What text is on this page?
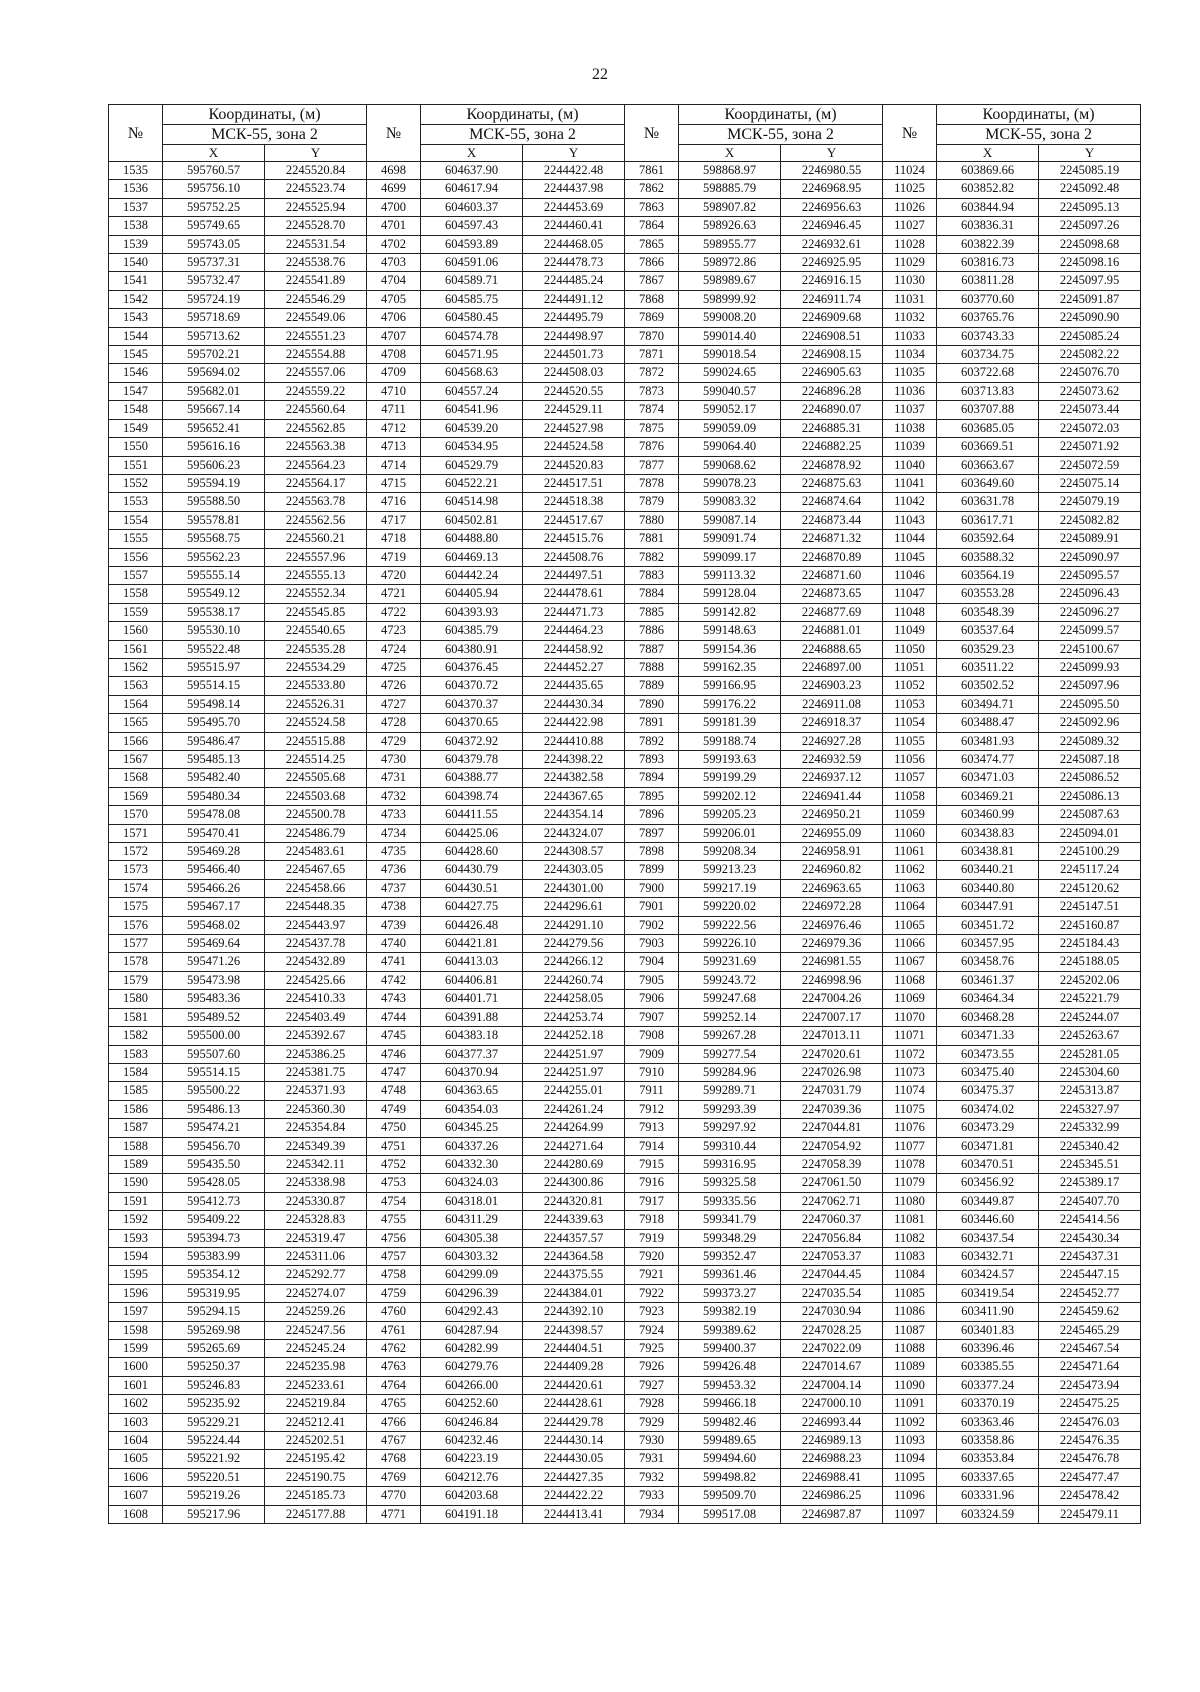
22
№	Координаты, (м)		№	Координаты, (м)		№	Координаты, (м)		№	Координаты, (м)	
	МСК-55, зона 2			МСК-55, зона 2			МСК-55, зона 2			МСК-55, зона 2	
	X	Y		X	Y		X	Y		X	Y
1535	595760.57	2245520.84	4698	604637.90	2244422.48	7861	598868.97	2246980.55	11024	603869.66	2245085.19
1536	595756.10	2245523.74	4699	604617.94	2244437.98	7862	598885.79	2246968.95	11025	603852.82	2245092.48
1537	595752.25	2245525.94	4700	604603.37	2244453.69	7863	598907.82	2246956.63	11026	603844.94	2245095.13
1538	595749.65	2245528.70	4701	604597.43	2244460.41	7864	598926.63	2246946.45	11027	603836.31	2245097.26
1539	595743.05	2245531.54	4702	604593.89	2244468.05	7865	598955.77	2246932.61	11028	603822.39	2245098.68
1540	595737.31	2245538.76	4703	604591.06	2244478.73	7866	598972.86	2246925.95	11029	603816.73	2245098.16
1541	595732.47	2245541.89	4704	604589.71	2244485.24	7867	598989.67	2246916.15	11030	603811.28	2245097.95
1542	595724.19	2245546.29	4705	604585.75	2244491.12	7868	598999.92	2246911.74	11031	603770.60	2245091.87
1543	595718.69	2245549.06	4706	604580.45	2244495.79	7869	599008.20	2246909.68	11032	603765.76	2245090.90
1544	595713.62	2245551.23	4707	604574.78	2244498.97	7870	599014.40	2246908.51	11033	603743.33	2245085.24
1545	595702.21	2245554.88	4708	604571.95	2244501.73	7871	599018.54	2246908.15	11034	603734.75	2245082.22
1546	595694.02	2245557.06	4709	604568.63	2244508.03	7872	599024.65	2246905.63	11035	603722.68	2245076.70
1547	595682.01	2245559.22	4710	604557.24	2244520.55	7873	599040.57	2246896.28	11036	603713.83	2245073.62
1548	595667.14	2245560.64	4711	604541.96	2244529.11	7874	599052.17	2246890.07	11037	603707.88	2245073.44
1549	595652.41	2245562.85	4712	604539.20	2244527.98	7875	599059.09	2246885.31	11038	603685.05	2245072.03
1550	595616.16	2245563.38	4713	604534.95	2244524.58	7876	599064.40	2246882.25	11039	603669.51	2245071.92
1551	595606.23	2245564.23	4714	604529.79	2244520.83	7877	599068.62	2246878.92	11040	603663.67	2245072.59
1552	595594.19	2245564.17	4715	604522.21	2244517.51	7878	599078.23	2246875.63	11041	603649.60	2245075.14
1553	595588.50	2245563.78	4716	604514.98	2244518.38	7879	599083.32	2246874.64	11042	603631.78	2245079.19
1554	595578.81	2245562.56	4717	604502.81	2244517.67	7880	599087.14	2246873.44	11043	603617.71	2245082.82
1555	595568.75	2245560.21	4718	604488.80	2244515.76	7881	599091.74	2246871.32	11044	603592.64	2245089.91
1556	595562.23	2245557.96	4719	604469.13	2244508.76	7882	599099.17	2246870.89	11045	603588.32	2245090.97
1557	595555.14	2245555.13	4720	604442.24	2244497.51	7883	599113.32	2246871.60	11046	603564.19	2245095.57
1558	595549.12	2245552.34	4721	604405.94	2244478.61	7884	599128.04	2246873.65	11047	603553.28	2245096.43
1559	595538.17	2245545.85	4722	604393.93	2244471.73	7885	599142.82	2246877.69	11048	603548.39	2245096.27
1560	595530.10	2245540.65	4723	604385.79	2244464.23	7886	599148.63	2246881.01	11049	603537.64	2245099.57
1561	595522.48	2245535.28	4724	604380.91	2244458.92	7887	599154.36	2246888.65	11050	603529.23	2245100.67
1562	595515.97	2245534.29	4725	604376.45	2244452.27	7888	599162.35	2246897.00	11051	603511.22	2245099.93
1563	595514.15	2245533.80	4726	604370.72	2244435.65	7889	599166.95	2246903.23	11052	603502.52	2245097.96
1564	595498.14	2245526.31	4727	604370.37	2244430.34	7890	599176.22	2246911.08	11053	603494.71	2245095.50
1565	595495.70	2245524.58	4728	604370.65	2244422.98	7891	599181.39	2246918.37	11054	603488.47	2245092.96
1566	595486.47	2245515.88	4729	604372.92	2244410.88	7892	599188.74	2246927.28	11055	603481.93	2245089.32
1567	595485.13	2245514.25	4730	604379.78	2244398.22	7893	599193.63	2246932.59	11056	603474.77	2245087.18
1568	595482.40	2245505.68	4731	604388.77	2244382.58	7894	599199.29	2246937.12	11057	603471.03	2245086.52
1569	595480.34	2245503.68	4732	604398.74	2244367.65	7895	599202.12	2246941.44	11058	603469.21	2245086.13
1570	595478.08	2245500.78	4733	604411.55	2244354.14	7896	599205.23	2246950.21	11059	603460.99	2245087.63
1571	595470.41	2245486.79	4734	604425.06	2244324.07	7897	599206.01	2246955.09	11060	603438.83	2245094.01
1572	595469.28	2245483.61	4735	604428.60	2244308.57	7898	599208.34	2246958.91	11061	603438.81	2245100.29
1573	595466.40	2245467.65	4736	604430.79	2244303.05	7899	599213.23	2246960.82	11062	603440.21	2245117.24
1574	595466.26	2245458.66	4737	604430.51	2244301.00	7900	599217.19	2246963.65	11063	603440.80	2245120.62
1575	595467.17	2245448.35	4738	604427.75	2244296.61	7901	599220.02	2246972.28	11064	603447.91	2245147.51
1576	595468.02	2245443.97	4739	604426.48	2244291.10	7902	599222.56	2246976.46	11065	603451.72	2245160.87
1577	595469.64	2245437.78	4740	604421.81	2244279.56	7903	599226.10	2246979.36	11066	603457.95	2245184.43
1578	595471.26	2245432.89	4741	604413.03	2244266.12	7904	599231.69	2246981.55	11067	603458.76	2245188.05
1579	595473.98	2245425.66	4742	604406.81	2244260.74	7905	599243.72	2246998.96	11068	603461.37	2245202.06
1580	595483.36	2245410.33	4743	604401.71	2244258.05	7906	599247.68	2247004.26	11069	603464.34	2245221.79
1581	595489.52	2245403.49	4744	604391.88	2244253.74	7907	599252.14	2247007.17	11070	603468.28	2245244.07
1582	595500.00	2245392.67	4745	604383.18	2244252.18	7908	599267.28	2247013.11	11071	603471.33	2245263.67
1583	595507.60	2245386.25	4746	604377.37	2244251.97	7909	599277.54	2247020.61	11072	603473.55	2245281.05
1584	595514.15	2245381.75	4747	604370.94	2244251.97	7910	599284.96	2247026.98	11073	603475.40	2245304.60
1585	595500.22	2245371.93	4748	604363.65	2244255.01	7911	599289.71	2247031.79	11074	603475.37	2245313.87
1586	595486.13	2245360.30	4749	604354.03	2244261.24	7912	599293.39	2247039.36	11075	603474.02	2245327.97
1587	595474.21	2245354.84	4750	604345.25	2244264.99	7913	599297.92	2247044.81	11076	603473.29	2245332.99
1588	595456.70	2245349.39	4751	604337.26	2244271.64	7914	599310.44	2247054.92	11077	603471.81	2245340.42
1589	595435.50	2245342.11	4752	604332.30	2244280.69	7915	599316.95	2247058.39	11078	603470.51	2245345.51
1590	595428.05	2245338.98	4753	604324.03	2244300.86	7916	599325.58	2247061.50	11079	603456.92	2245389.17
1591	595412.73	2245330.87	4754	604318.01	2244320.81	7917	599335.56	2247062.71	11080	603449.87	2245407.70
1592	595409.22	2245328.83	4755	604311.29	2244339.63	7918	599341.79	2247060.37	11081	603446.60	2245414.56
1593	595394.73	2245319.47	4756	604305.38	2244357.57	7919	599348.29	2247056.84	11082	603437.54	2245430.34
1594	595383.99	2245311.06	4757	604303.32	2244364.58	7920	599352.47	2247053.37	11083	603432.71	2245437.31
1595	595354.12	2245292.77	4758	604299.09	2244375.55	7921	599361.46	2247044.45	11084	603424.57	2245447.15
1596	595319.95	2245274.07	4759	604296.39	2244384.01	7922	599373.27	2247035.54	11085	603419.54	2245452.77
1597	595294.15	2245259.26	4760	604292.43	2244392.10	7923	599382.19	2247030.94	11086	603411.90	2245459.62
1598	595269.98	2245247.56	4761	604287.94	2244398.57	7924	599389.62	2247028.25	11087	603401.83	2245465.29
1599	595265.69	2245245.24	4762	604282.99	2244404.51	7925	599400.37	2247022.09	11088	603396.46	2245467.54
1600	595250.37	2245235.98	4763	604279.76	2244409.28	7926	599426.48	2247014.67	11089	603385.55	2245471.64
1601	595246.83	2245233.61	4764	604266.00	2244420.61	7927	599453.32	2247004.14	11090	603377.24	2245473.94
1602	595235.92	2245219.84	4765	604252.60	2244428.61	7928	599466.18	2247000.10	11091	603370.19	2245475.25
1603	595229.21	2245212.41	4766	604246.84	2244429.78	7929	599482.46	2246993.44	11092	603363.46	2245476.03
1604	595224.44	2245202.51	4767	604232.46	2244430.14	7930	599489.65	2246989.13	11093	603358.86	2245476.35
1605	595221.92	2245195.42	4768	604223.19	2244430.05	7931	599494.60	2246988.23	11094	603353.84	2245476.78
1606	595220.51	2245190.75	4769	604212.76	2244427.35	7932	599498.82	2246988.41	11095	603337.65	2245477.47
1607	595219.26	2245185.73	4770	604203.68	2244422.22	7933	599509.70	2246986.25	11096	603331.96	2245478.42
1608	595217.96	2245177.88	4771	604191.18	2244413.41	7934	599517.08	2246987.87	11097	603324.59	2245479.11
